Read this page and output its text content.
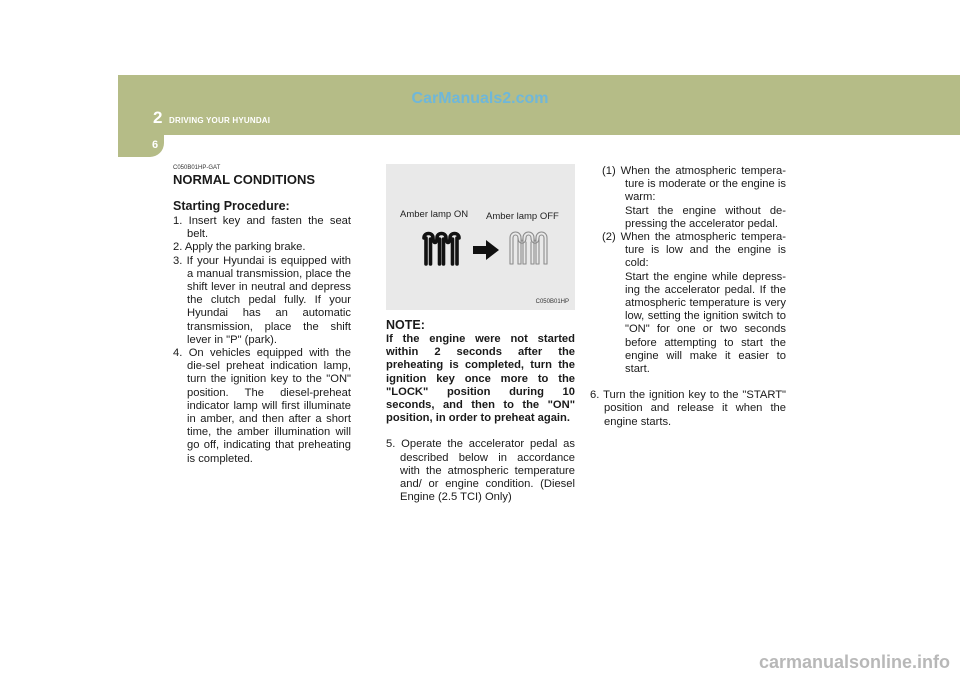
CarManuals2.com
2 DRIVING YOUR HYUNDAI
6
C050B01HP-GAT
NORMAL CONDITIONS
Starting Procedure:
1. Insert key and fasten the seat belt.
2. Apply the parking brake.
3. If your Hyundai is equipped with a manual transmission, place the shift lever in neutral and depress the clutch pedal fully. If your Hyundai has an automatic transmission, place the shift lever in "P" (park).
4. On vehicles equipped with the die-sel preheat indication lamp, turn the ignition key to the "ON" position. The diesel-preheat indicator lamp will first illuminate in amber, and then after a short time, the amber illumination will go off, indicating that preheating is completed.
Amber lamp ON Amber lamp OFF
C050B01HP
NOTE:
If the engine were not started within 2 seconds after the preheating is completed, turn the ignition key once more to the "LOCK" position during 10 seconds, and then to the "ON" position, in order to preheat again.
5. Operate the accelerator pedal as described below in accordance with the atmospheric temperature and/ or engine condition. (Diesel Engine (2.5 TCI) Only)
(1) When the atmospheric tempera-ture is moderate or the engine is warm:
Start the engine without de-pressing the accelerator pedal.
(2) When the atmospheric tempera-ture is low and the engine is cold:
Start the engine while depress-ing the accelerator pedal. If the atmospheric temperature is very low, setting the ignition switch to "ON" for one or two seconds before attempting to start the engine will make it easier to start.
6. Turn the ignition key to the "START" position and release it when the engine starts.
carmanualsonline.info
